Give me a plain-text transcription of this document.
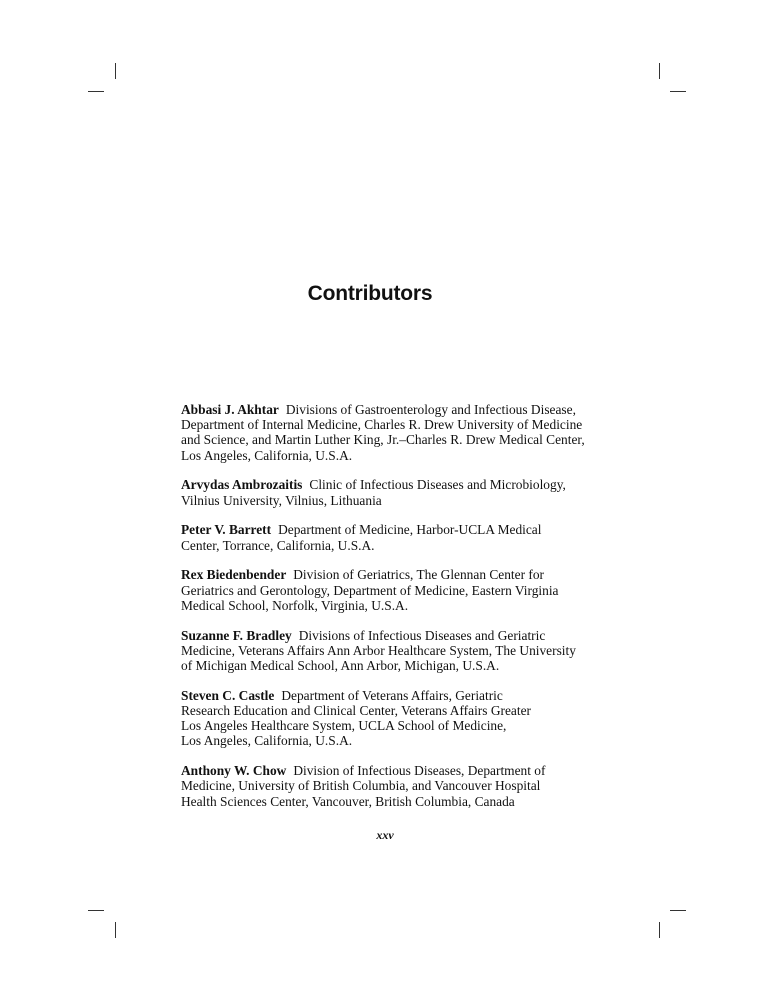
Contributors

Abbasi J. Akhtar Divisions of Gastroenterology and Infectious Disease,
Department of Internal Medicine, Charles R. Drew University of Medicine
and Science, and Martin Luther King, Jr.–Charles R. Drew Medical Center,
Los Angeles, California, U.S.A.

Arvydas Ambrozaitis Clinic of Infectious Diseases and Microbiology,
Vilnius University, Vilnius, Lithuania

Peter V. Barrett Department of Medicine, Harbor-UCLA Medical
Center, Torrance, California, U.S.A.

Rex Biedenbender Division of Geriatrics, The Glennan Center for
Geriatrics and Gerontology, Department of Medicine, Eastern Virginia
Medical School, Norfolk, Virginia, U.S.A.

Suzanne F. Bradley Divisions of Infectious Diseases and Geriatric
Medicine, Veterans Affairs Ann Arbor Healthcare System, The University
of Michigan Medical School, Ann Arbor, Michigan, U.S.A.

Steven C. Castle Department of Veterans Affairs, Geriatric
Research Education and Clinical Center, Veterans Affairs Greater
Los Angeles Healthcare System, UCLA School of Medicine,
Los Angeles, California, U.S.A.

Anthony W. Chow Division of Infectious Diseases, Department of
Medicine, University of British Columbia, and Vancouver Hospital
Health Sciences Center, Vancouver, British Columbia, Canada

xxv
